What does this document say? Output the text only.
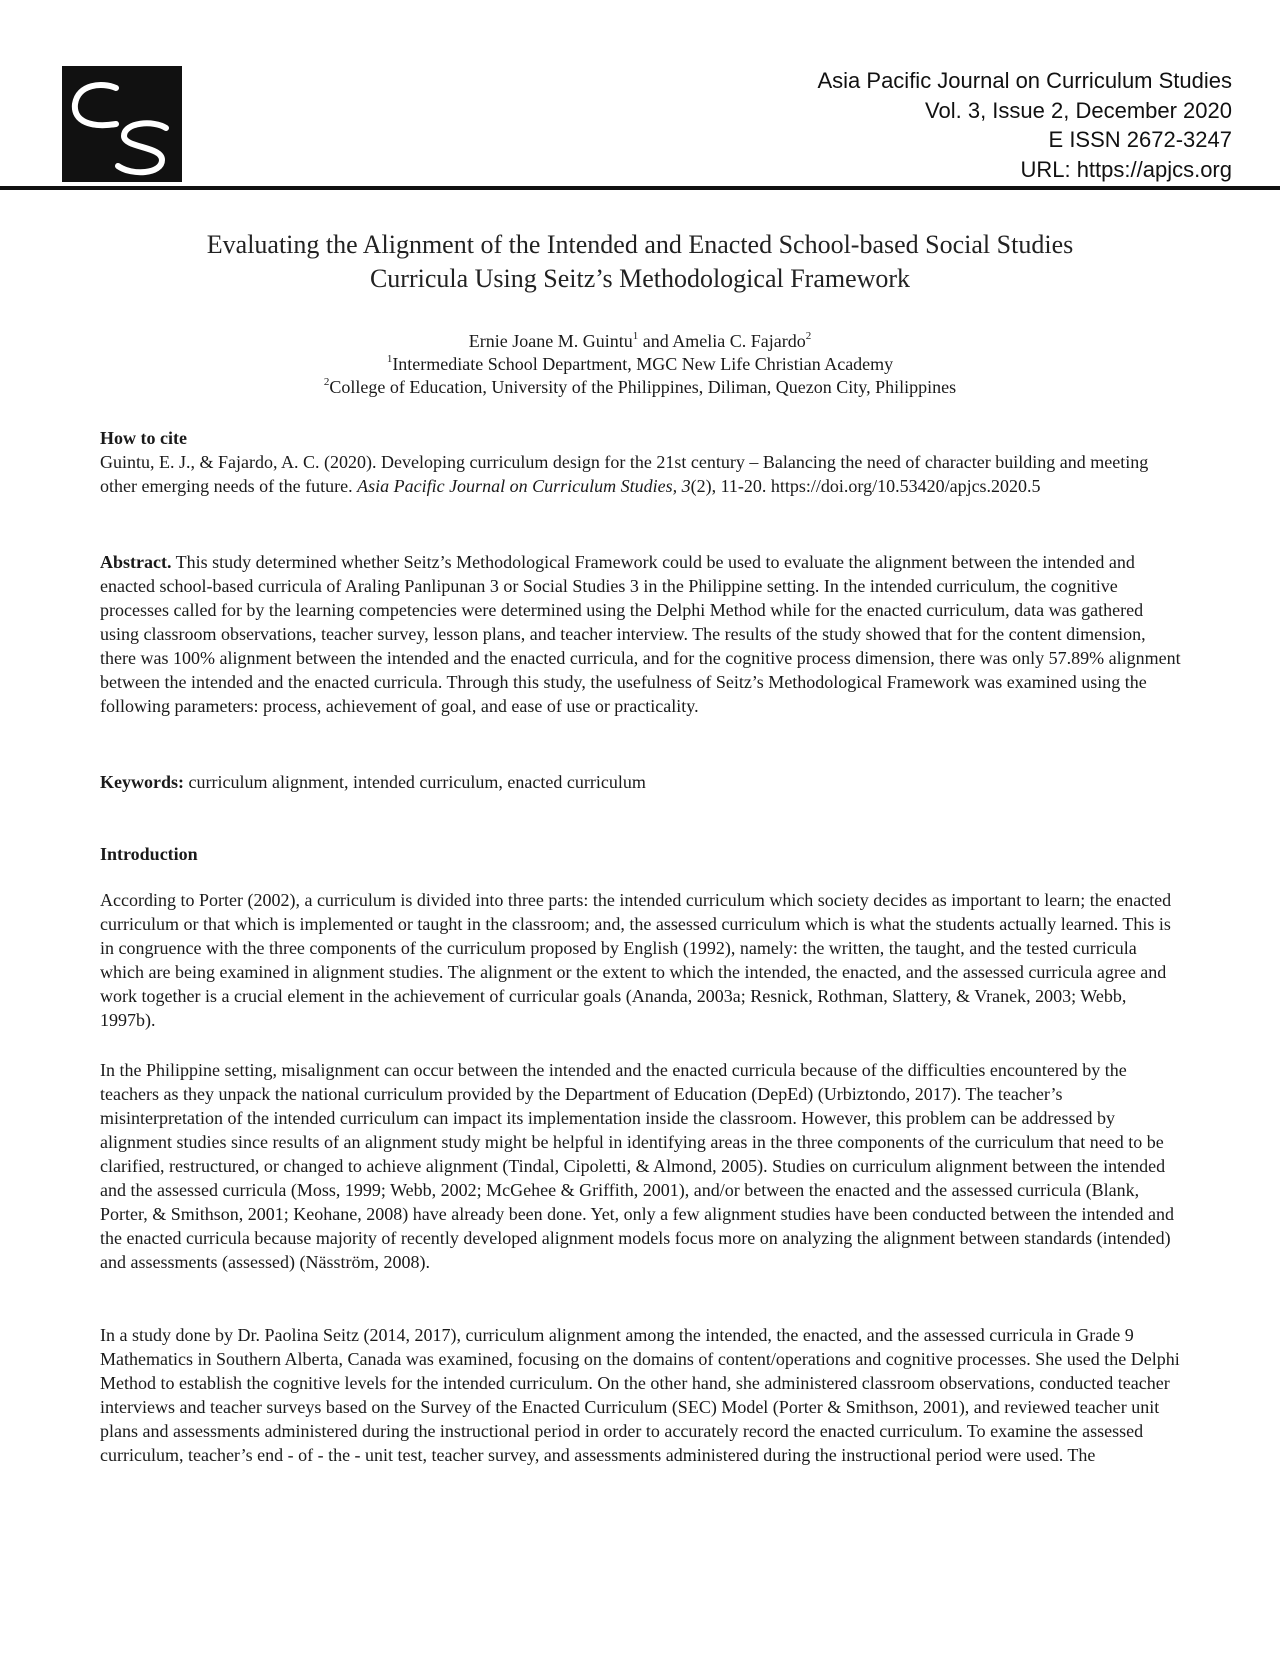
Asia Pacific Journal on Curriculum Studies
Vol. 3, Issue 2, December 2020
E ISSN 2672-3247
URL: https://apjcs.org
Evaluating the Alignment of the Intended and Enacted School-based Social Studies
Curricula Using Seitz’s Methodological Framework
Ernie Joane M. Guintu$^1$ and Amelia C. Fajardo$^2$
$^1$Intermediate School Department, MGC New Life Christian Academy
$^2$College of Education, University of the Philippines, Diliman, Quezon City, Philippines
How to cite
Guintu, E. J., & Fajardo, A. C. (2020). Developing curriculum design for the 21st century – Balancing the need of character building and meeting other emerging needs of the future. Asia Pacific Journal on Curriculum Studies, 3(2), 11-20. https://doi.org/10.53420/apjcs.2020.5
Abstract. This study determined whether Seitz’s Methodological Framework could be used to evaluate the alignment between the intended and enacted school-based curricula of Araling Panlipunan 3 or Social Studies 3 in the Philippine setting. In the intended curriculum, the cognitive processes called for by the learning competencies were determined using the Delphi Method while for the enacted curriculum, data was gathered using classroom observations, teacher survey, lesson plans, and teacher interview. The results of the study showed that for the content dimension, there was 100% alignment between the intended and the enacted curricula, and for the cognitive process dimension, there was only 57.89% alignment between the intended and the enacted curricula. Through this study, the usefulness of Seitz’s Methodological Framework was examined using the following parameters: process, achievement of goal, and ease of use or practicality.
Keywords: curriculum alignment, intended curriculum, enacted curriculum
Introduction
According to Porter (2002), a curriculum is divided into three parts: the intended curriculum which society decides as important to learn; the enacted curriculum or that which is implemented or taught in the classroom; and, the assessed curriculum which is what the students actually learned. This is in congruence with the three components of the curriculum proposed by English (1992), namely: the written, the taught, and the tested curricula which are being examined in alignment studies. The alignment or the extent to which the intended, the enacted, and the assessed curricula agree and work together is a crucial element in the achievement of curricular goals (Ananda, 2003a; Resnick, Rothman, Slattery, & Vranek, 2003; Webb, 1997b).
In the Philippine setting, misalignment can occur between the intended and the enacted curricula because of the difficulties encountered by the teachers as they unpack the national curriculum provided by the Department of Education (DepEd) (Urbiztondo, 2017). The teacher’s misinterpretation of the intended curriculum can impact its implementation inside the classroom. However, this problem can be addressed by alignment studies since results of an alignment study might be helpful in identifying areas in the three components of the curriculum that need to be clarified, restructured, or changed to achieve alignment (Tindal, Cipoletti, & Almond, 2005). Studies on curriculum alignment between the intended and the assessed curricula (Moss, 1999; Webb, 2002; McGehee & Griffith, 2001), and/or between the enacted and the assessed curricula (Blank, Porter, & Smithson, 2001; Keohane, 2008) have already been done. Yet, only a few alignment studies have been conducted between the intended and the enacted curricula because majority of recently developed alignment models focus more on analyzing the alignment between standards (intended) and assessments (assessed) (Näsström, 2008).
In a study done by Dr. Paolina Seitz (2014, 2017), curriculum alignment among the intended, the enacted, and the assessed curricula in Grade 9 Mathematics in Southern Alberta, Canada was examined, focusing on the domains of content/operations and cognitive processes. She used the Delphi Method to establish the cognitive levels for the intended curriculum. On the other hand, she administered classroom observations, conducted teacher interviews and teacher surveys based on the Survey of the Enacted Curriculum (SEC) Model (Porter & Smithson, 2001), and reviewed teacher unit plans and assessments administered during the instructional period in order to accurately record the enacted curriculum. To examine the assessed curriculum, teacher’s end - of - the - unit test, teacher survey, and assessments administered during the instructional period were used. The
